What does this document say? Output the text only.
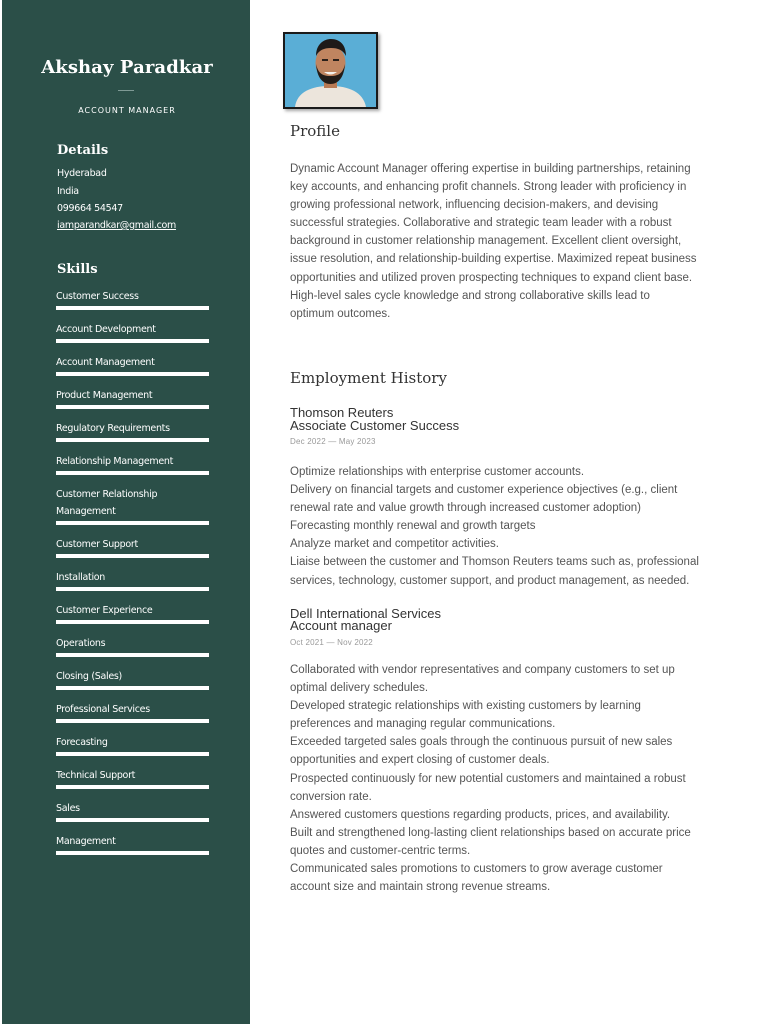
Akshay Paradkar
ACCOUNT MANAGER
Details
Hyderabad
India
099664 54547
iamparandkar@gmail.com
Skills
Customer Success
Account Development
Account Management
Product Management
Regulatory Requirements
Relationship Management
Customer Relationship Management
Customer Support
Installation
Customer Experience
Operations
Closing (Sales)
Professional Services
Forecasting
Technical Support
Sales
Management
Profile
Dynamic Account Manager offering expertise in building partnerships, retaining
key accounts, and enhancing profit channels. Strong leader with proficiency in
growing professional network, influencing decision-makers, and devising
successful strategies. Collaborative and strategic team leader with a robust
background in customer relationship management. Excellent client oversight,
issue resolution, and relationship-building expertise. Maximized repeat business
opportunities and utilized proven prospecting techniques to expand client base.
High-level sales cycle knowledge and strong collaborative skills lead to
optimum outcomes.
Employment History
Thomson Reuters
Associate Customer Success
Dec 2022 — May 2023
Optimize relationships with enterprise customer accounts.
Delivery on financial targets and customer experience objectives (e.g., client
renewal rate and value growth through increased customer adoption)
Forecasting monthly renewal and growth targets
Analyze market and competitor activities.
Liaise between the customer and Thomson Reuters teams such as, professional
services, technology, customer support, and product management, as needed.
Dell International Services
Account manager
Oct 2021 — Nov 2022
Collaborated with vendor representatives and company customers to set up
optimal delivery schedules.
Developed strategic relationships with existing customers by learning
preferences and managing regular communications.
Exceeded targeted sales goals through the continuous pursuit of new sales
opportunities and expert closing of customer deals.
Prospected continuously for new potential customers and maintained a robust
conversion rate.
Answered customers questions regarding products, prices, and availability.
Built and strengthened long-lasting client relationships based on accurate price
quotes and customer-centric terms.
Communicated sales promotions to customers to grow average customer
account size and maintain strong revenue streams.
